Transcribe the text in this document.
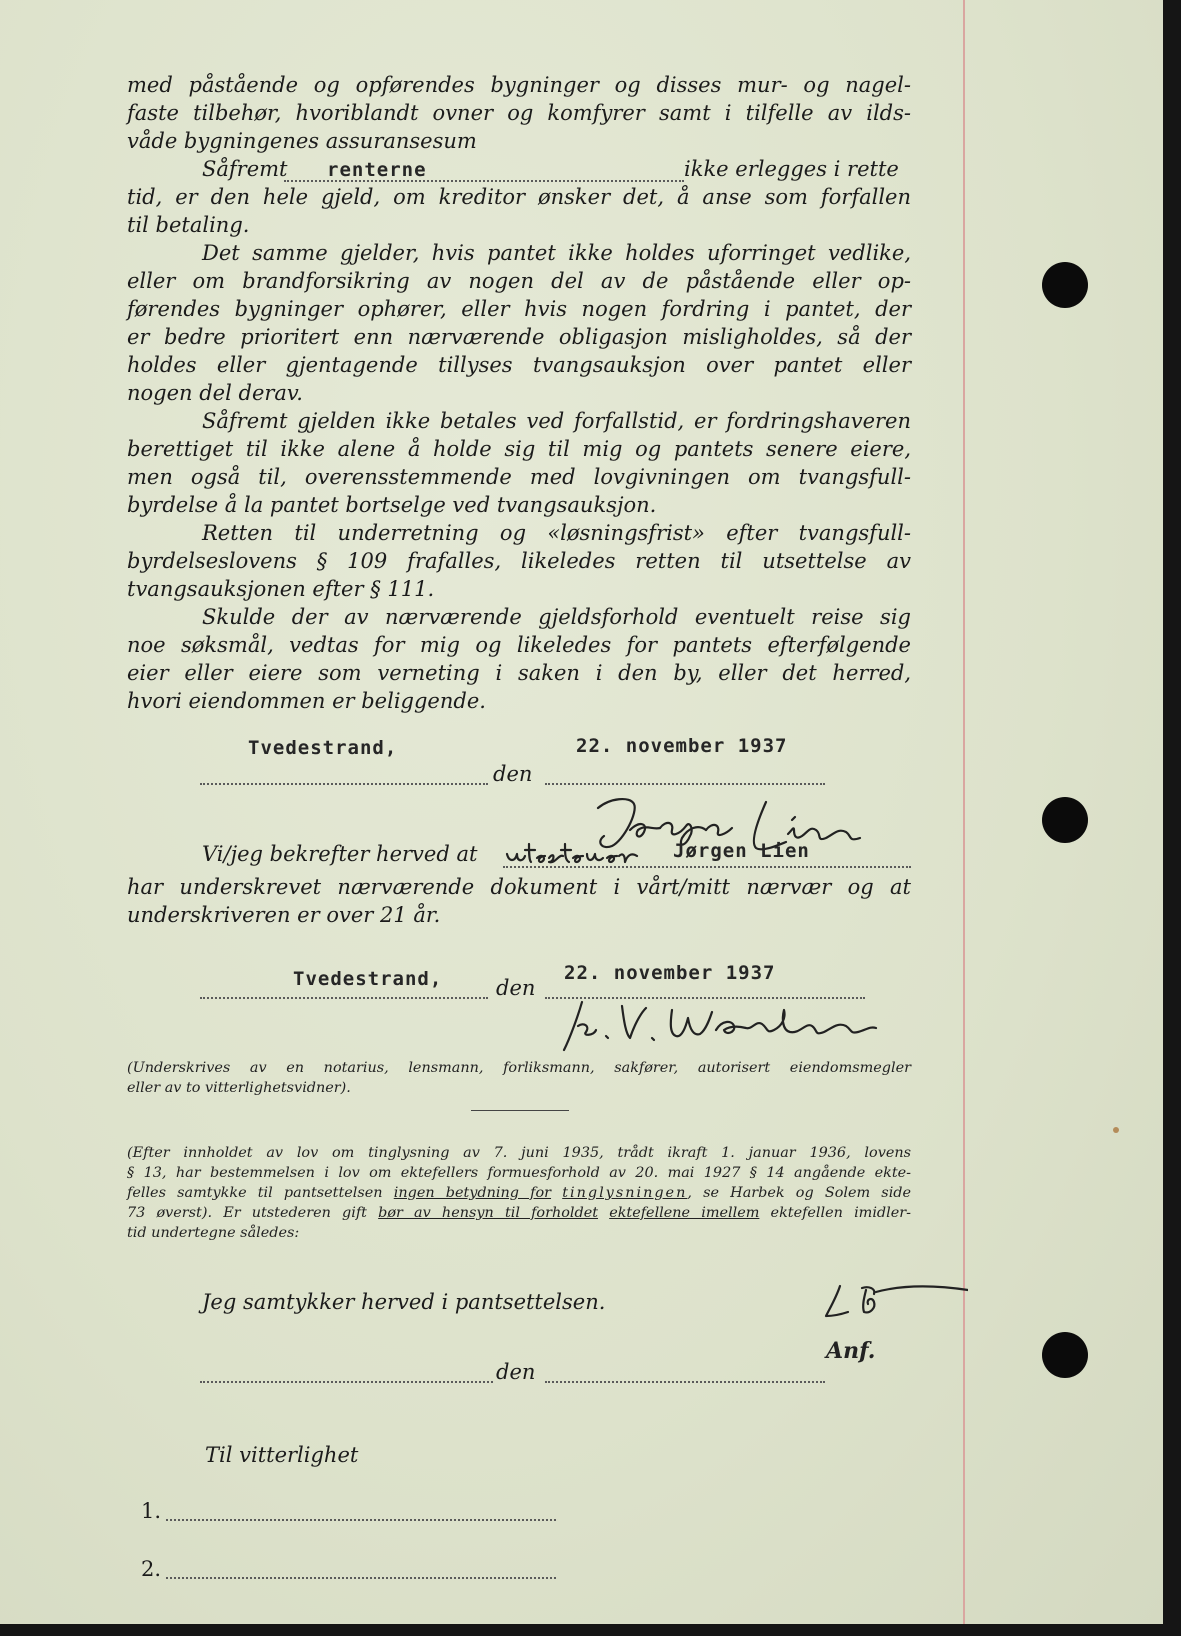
med påstående og opførendes bygninger og disses mur- og nagel-
faste tilbehør, hvoriblandt ovner og komfyrer samt i tilfelle av ilds-
våde bygningenes assuransesum
Såfremt renterne	ikke erlegges i rette
tid, er den hele gjeld, om kreditor ønsker det, å anse som forfallen
til betaling.
Det samme gjelder, hvis pantet ikke holdes uforringet vedlike,
eller om brandforsikring av nogen del av de påstående eller op-
førendes bygninger ophører, eller hvis nogen fordring i pantet, der
er bedre prioritert enn nærværende obligasjon misligholdes, så der
holdes eller gjentagende tillyses tvangsauksjon over pantet eller
nogen del derav.
Såfremt gjelden ikke betales ved forfallstid, er fordringshaveren
berettiget til ikke alene å holde sig til mig og pantets senere eiere,
men også til, overensstemmende med lovgivningen om tvangsfull-
byrdelse å la pantet bortselge ved tvangsauksjon.
Retten til underretning og «løsningsfrist» efter tvangsfull-
byrdelseslovens § 109 frafalles, likeledes retten til utsettelse av
tvangsauksjonen efter § 111.
Skulde der av nærværende gjeldsforhold eventuelt reise sig
noe søksmål, vedtas for mig og likeledes for pantets efterfølgende
eier eller eiere som verneting i saken i den by, eller det herred,
hvori eiendommen er beliggende.
Tvedestrand,	22. november 1937
den
Vi/jeg bekrefter herved at	Jørgen Lien
har underskrevet nærværende dokument i vårt/mitt nærvær og at
underskriveren er over 21 år.
Tvedestrand,	22. november 1937
den
(Underskrives av en notarius, lensmann, forliksmann, sakfører, autorisert eiendomsmegler
eller av to vitterlighetsvidner).
(Efter innholdet av lov om tinglysning av 7. juni 1935, trådt ikraft 1. januar 1936, lovens
§ 13, har bestemmelsen i lov om ektefellers formuesforhold av 20. mai 1927 § 14 angående ekte-
felles samtykke til pantsettelsen ingen betydning for tinglysningen, se Harbek og Solem side
73 øverst). Er utstederen gift bør av hensyn til forholdet ektefellene imellem ektefellen imidler-
tid undertegne således:
Jeg samtykker herved i pantsettelsen.
Anf.
den
Til vitterlighet
1.
2.
